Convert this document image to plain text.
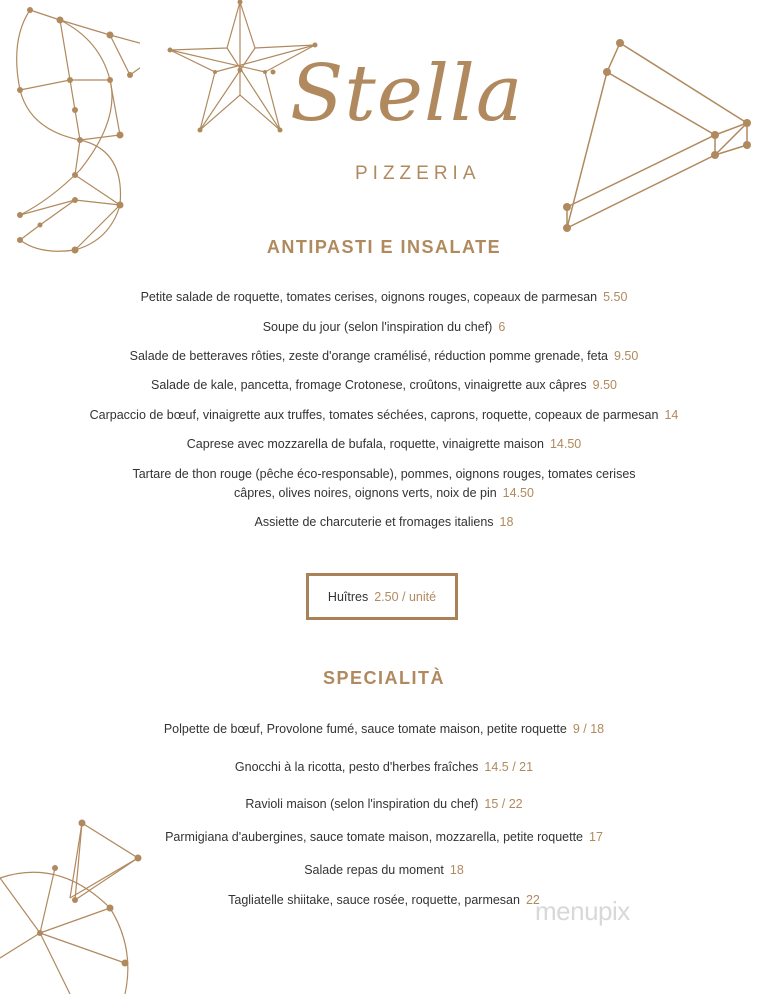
Stella
PIZZERIA
ANTIPASTI E INSALATE
Petite salade de roquette, tomates cerises, oignons rouges, copeaux de parmesan 5.50
Soupe du jour (selon l'inspiration du chef) 6
Salade de betteraves rôties, zeste d'orange cramélisé, réduction pomme grenade, feta 9.50
Salade de kale, pancetta, fromage Crotonese, croûtons, vinaigrette aux câpres 9.50
Carpaccio de bœuf, vinaigrette aux truffes, tomates séchées, caprons, roquette, copeaux de parmesan 14
Caprese avec mozzarella de bufala, roquette, vinaigrette maison 14.50
Tartare de thon rouge (pêche éco-responsable), pommes, oignons rouges, tomates cerises
câpres, olives noires, oignons verts, noix de pin 14.50
Assiette de charcuterie et fromages italiens 18
Huîtres 2.50 / unité
SPECIALITÀ
Polpette de bœuf, Provolone fumé, sauce tomate maison, petite roquette 9 / 18
Gnocchi à la ricotta, pesto d'herbes fraîches 14.5 / 21
Ravioli maison (selon l'inspiration du chef) 15 / 22
Parmigiana d'aubergines, sauce tomate maison, mozzarella, petite roquette 17
Salade repas du moment 18
Tagliatelle shiitake, sauce rosée, roquette, parmesan 22
menupix
